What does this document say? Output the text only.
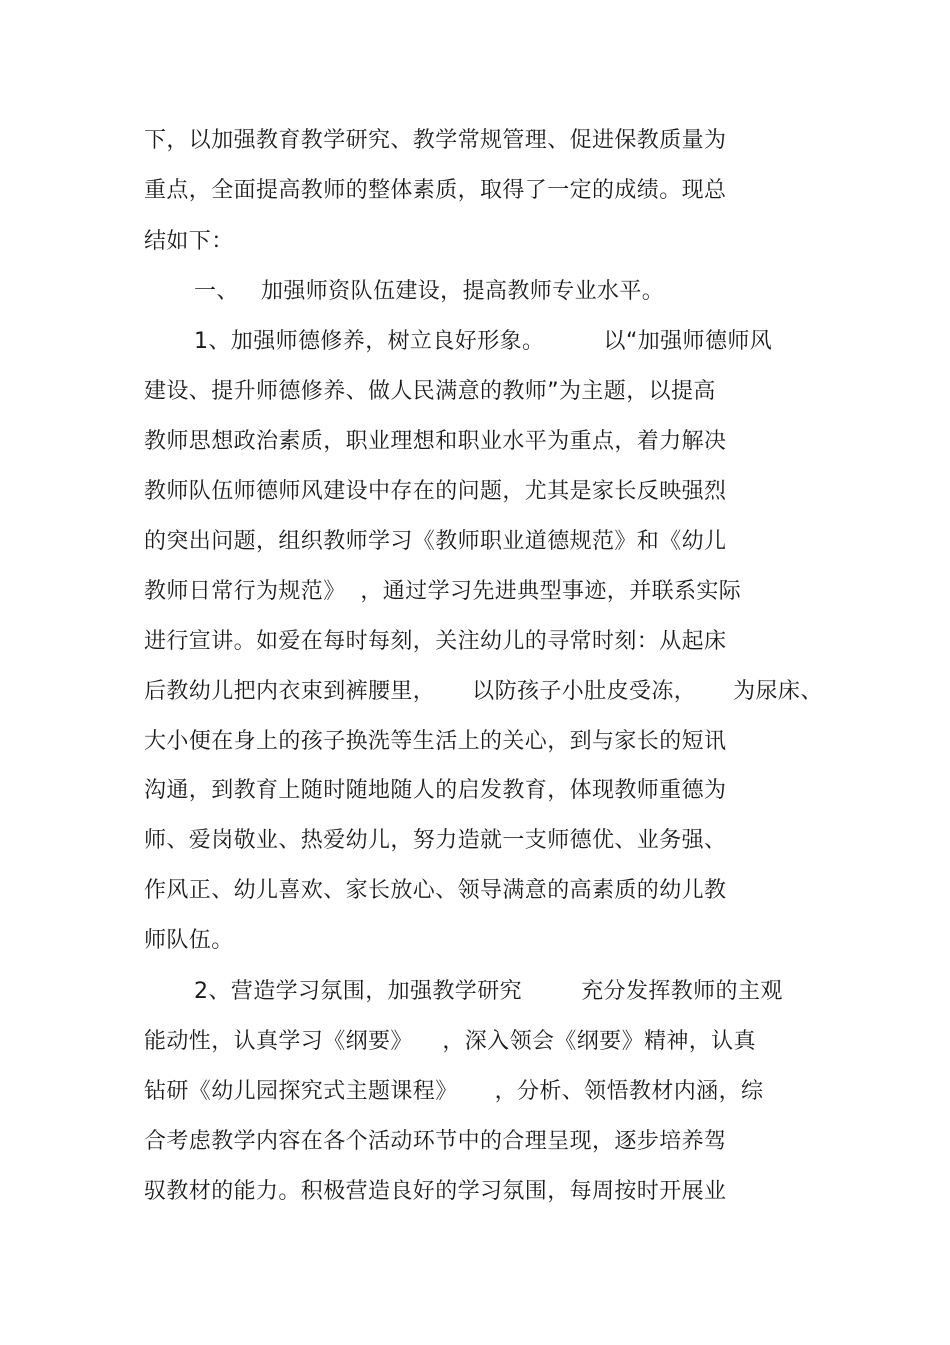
下，以加强教育教学研究、教学常规管理、促进保教质量为
重点，全面提高教师的整体素质，取得了一定的成绩。现总
结如下：
一、   加强师资队伍建设，提高教师专业水平。
1、加强师德修养，树立良好形象。        以“加强师德师风
建设、提升师德修养、做人民满意的教师”为主题，以提高
教师思想政治素质，职业理想和职业水平为重点，着力解决
教师队伍师德师风建设中存在的问题，尤其是家长反映强烈
的突出问题，组织教师学习《教师职业道德规范》和《幼儿
教师日常行为规范》  ，通过学习先进典型事迹，并联系实际
进行宣讲。如爱在每时每刻，关注幼儿的寻常时刻：从起床
后教幼儿把内衣束到裤腰里，     以防孩子小肚皮受冻，     为尿床、
大小便在身上的孩子换洗等生活上的关心，到与家长的短讯
沟通，到教育上随时随地随人的启发教育，体现教师重德为
师、爱岗敬业、热爱幼儿，努力造就一支师德优、业务强、
作风正、幼儿喜欢、家长放心、领导满意的高素质的幼儿教
师队伍。
2、营造学习氛围，加强教学研究        充分发挥教师的主观
能动性，认真学习《纲要》    ，深入领会《纲要》精神，认真
钻研《幼儿园探究式主题课程》     ，分析、领悟教材内涵，综
合考虑教学内容在各个活动环节中的合理呈现，逐步培养驾
驭教材的能力。积极营造良好的学习氛围，每周按时开展业
